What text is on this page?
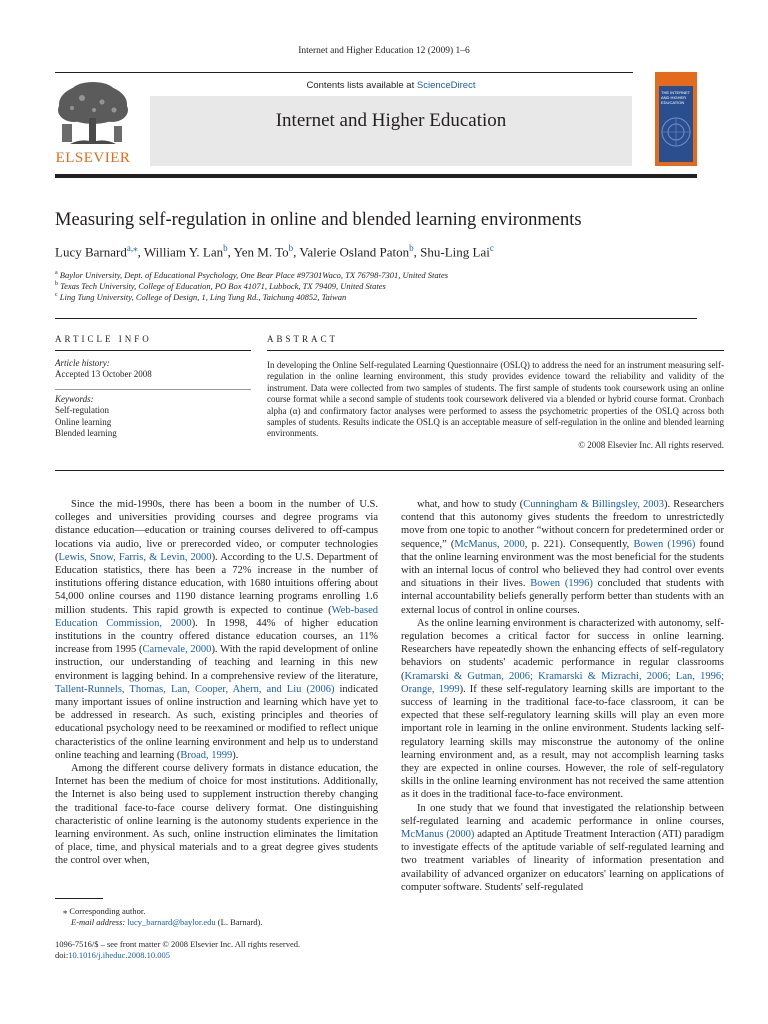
Internet and Higher Education 12 (2009) 1–6
ELSEVIER
Contents lists available at ScienceDirect
Internet and Higher Education
THE INTERNET AND HIGHER EDUCATION
Measuring self-regulation in online and blended learning environments
Lucy Barnard$^{a,⁎}$, William Y. Lan$^b$, Yen M. To$^b$, Valerie Osland Paton$^b$, Shu-Ling Lai$^c$
$^a$ Baylor University, Dept. of Educational Psychology, One Bear Place #97301Waco, TX 76798-7301, United States
$^b$ Texas Tech University, College of Education, PO Box 41071, Lubbock, TX 79409, United States
$^c$ Ling Tung University, College of Design, 1, Ling Tung Rd., Taichung 40852, Taiwan
ARTICLE INFO
Article history:
Accepted 13 October 2008
Keywords:
Self-regulation
Online learning
Blended learning
ABSTRACT
In developing the Online Self-regulated Learning Questionnaire (OSLQ) to address the need for an instrument measuring self-regulation in the online learning environment, this study provides evidence toward the reliability and validity of the instrument. Data were collected from two samples of students. The first sample of students took coursework using an online course format while a second sample of students took coursework delivered via a blended or hybrid course format. Cronbach alpha (α) and confirmatory factor analyses were performed to assess the psychometric properties of the OSLQ across both samples of students. Results indicate the OSLQ is an acceptable measure of self-regulation in the online and blended learning environments.
© 2008 Elsevier Inc. All rights reserved.

Since the mid-1990s, there has been a boom in the number of U.S. colleges and universities providing courses and degree programs via distance education—education or training courses delivered to off-campus locations via audio, live or prerecorded video, or computer technologies (Lewis, Snow, Farris, & Levin, 2000). According to the U.S. Department of Education statistics, there has been a 72% increase in the number of institutions offering distance education, with 1680 intuitions offering about 54,000 online courses and 1190 distance learning programs enrolling 1.6 million students. This rapid growth is expected to continue (Web-based Education Commission, 2000). In 1998, 44% of higher education institutions in the country offered distance education courses, an 11% increase from 1995 (Carnevale, 2000). With the rapid development of online instruction, our understanding of teaching and learning in this new environment is lagging behind. In a comprehensive review of the literature, Tallent-Runnels, Thomas, Lan, Cooper, Ahern, and Liu (2006) indicated many important issues of online instruction and learning which have yet to be addressed in research. As such, existing principles and theories of educational psychology need to be reexamined or modified to reflect unique characteristics of the online learning environment and help us to understand online teaching and learning (Broad, 1999).

Among the different course delivery formats in distance education, the Internet has been the medium of choice for most institutions. Additionally, the Internet is also being used to supplement instruction thereby changing the traditional face-to-face course delivery format. One distinguishing characteristic of online learning is the autonomy students experience in the learning environment. As such, online instruction eliminates the limitation of place, time, and physical materials and to a great degree gives students the control over when,

what, and how to study (Cunningham & Billingsley, 2003). Researchers contend that this autonomy gives students the freedom to unrestrictedly move from one topic to another “without concern for predetermined order or sequence,” (McManus, 2000, p. 221). Consequently, Bowen (1996) found that the online learning environment was the most beneficial for the students with an internal locus of control who believed they had control over events and situations in their lives. Bowen (1996) concluded that students with internal accountability beliefs generally perform better than students with an external locus of control in online courses.

As the online learning environment is characterized with autonomy, self-regulation becomes a critical factor for success in online learning. Researchers have repeatedly shown the enhancing effects of self-regulatory behaviors on students' academic performance in regular classrooms (Kramarski & Gutman, 2006; Kramarski & Mizrachi, 2006; Lan, 1996; Orange, 1999). If these self-regulatory learning skills are important to the success of learning in the traditional face-to-face classroom, it can be expected that these self-regulatory learning skills will play an even more important role in learning in the online environment. Students lacking self-regulatory learning skills may misconstrue the autonomy of the online learning environment and, as a result, may not accomplish learning tasks they are expected in online courses. However, the role of self-regulatory skills in the online learning environment has not received the same attention as it does in the traditional face-to-face environment.

In one study that we found that investigated the relationship between self-regulated learning and academic performance in online courses, McManus (2000) adapted an Aptitude Treatment Interaction (ATI) paradigm to investigate effects of the aptitude variable of self-regulated learning and two treatment variables of linearity of information presentation and availability of advanced organizer on educators' learning on applications of computer software. Students' self-regulated

⁎ Corresponding author.
E-mail address: lucy_barnard@baylor.edu (L. Barnard).
1096-7516/$ – see front matter © 2008 Elsevier Inc. All rights reserved.
doi:10.1016/j.iheduc.2008.10.005
